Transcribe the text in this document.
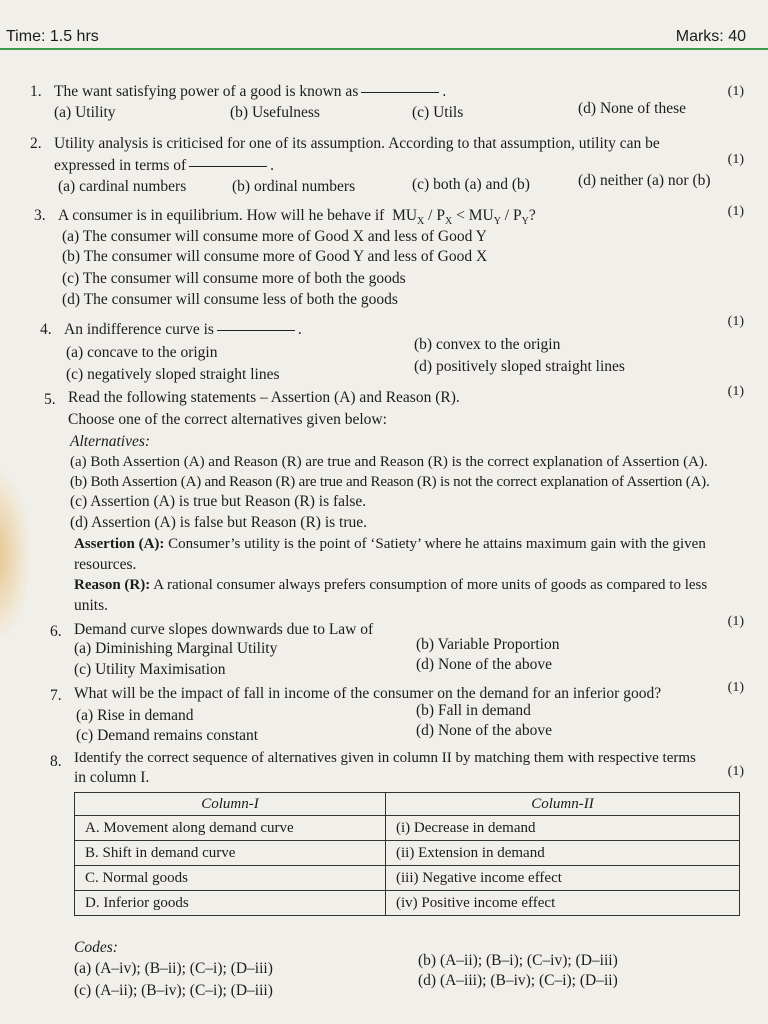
Time: 1.5 hrs	Marks: 40
1. The want satisfying power of a good is known as	.	(1)
(a) Utility	(b) Usefulness	(c) Utils	(d) None of these
2. Utility analysis is criticised for one of its assumption. According to that assumption, utility can be
expressed in terms of	.	(1)
(a) cardinal numbers	(b) ordinal numbers	(c) both (a) and (b)	(d) neither (a) nor (b)
3. A consumer is in equilibrium. How will he behave if $MU_X / P_X < MU_Y / P_Y$?	(1)
(a) The consumer will consume more of Good X and less of Good Y
(b) The consumer will consume more of Good Y and less of Good X
(c) The consumer will consume more of both the goods
(d) The consumer will consume less of both the goods
4. An indifference curve is	.	(1)
(a) concave to the origin	(b) convex to the origin
(c) negatively sloped straight lines	(d) positively sloped straight lines
5. Read the following statements – Assertion (A) and Reason (R).	(1)
Choose one of the correct alternatives given below:
Alternatives:
(a) Both Assertion (A) and Reason (R) are true and Reason (R) is the correct explanation of Assertion (A).
(b) Both Assertion (A) and Reason (R) are true and Reason (R) is not the correct explanation of Assertion (A).
(c) Assertion (A) is true but Reason (R) is false.
(d) Assertion (A) is false but Reason (R) is true.
Assertion (A): Consumer’s utility is the point of ‘Satiety’ where he attains maximum gain with the given
resources.
Reason (R): A rational consumer always prefers consumption of more units of goods as compared to less
units.
6. Demand curve slopes downwards due to Law of	(1)
(a) Diminishing Marginal Utility	(b) Variable Proportion
(c) Utility Maximisation	(d) None of the above
7. What will be the impact of fall in income of the consumer on the demand for an inferior good?	(1)
(a) Rise in demand	(b) Fall in demand
(c) Demand remains constant	(d) None of the above
8. Identify the correct sequence of alternatives given in column II by matching them with respective terms
in column I.	(1)
Column-I	Column-II
A. Movement along demand curve	(i) Decrease in demand
B. Shift in demand curve	(ii) Extension in demand
C. Normal goods	(iii) Negative income effect
D. Inferior goods	(iv) Positive income effect
Codes:
(a) (A–iv); (B–ii); (C–i); (D–iii)	(b) (A–ii); (B–i); (C–iv); (D–iii)
(c) (A–ii); (B–iv); (C–i); (D–iii)
(d) (A–iii); (B–iv); (C–i); (D–ii)
